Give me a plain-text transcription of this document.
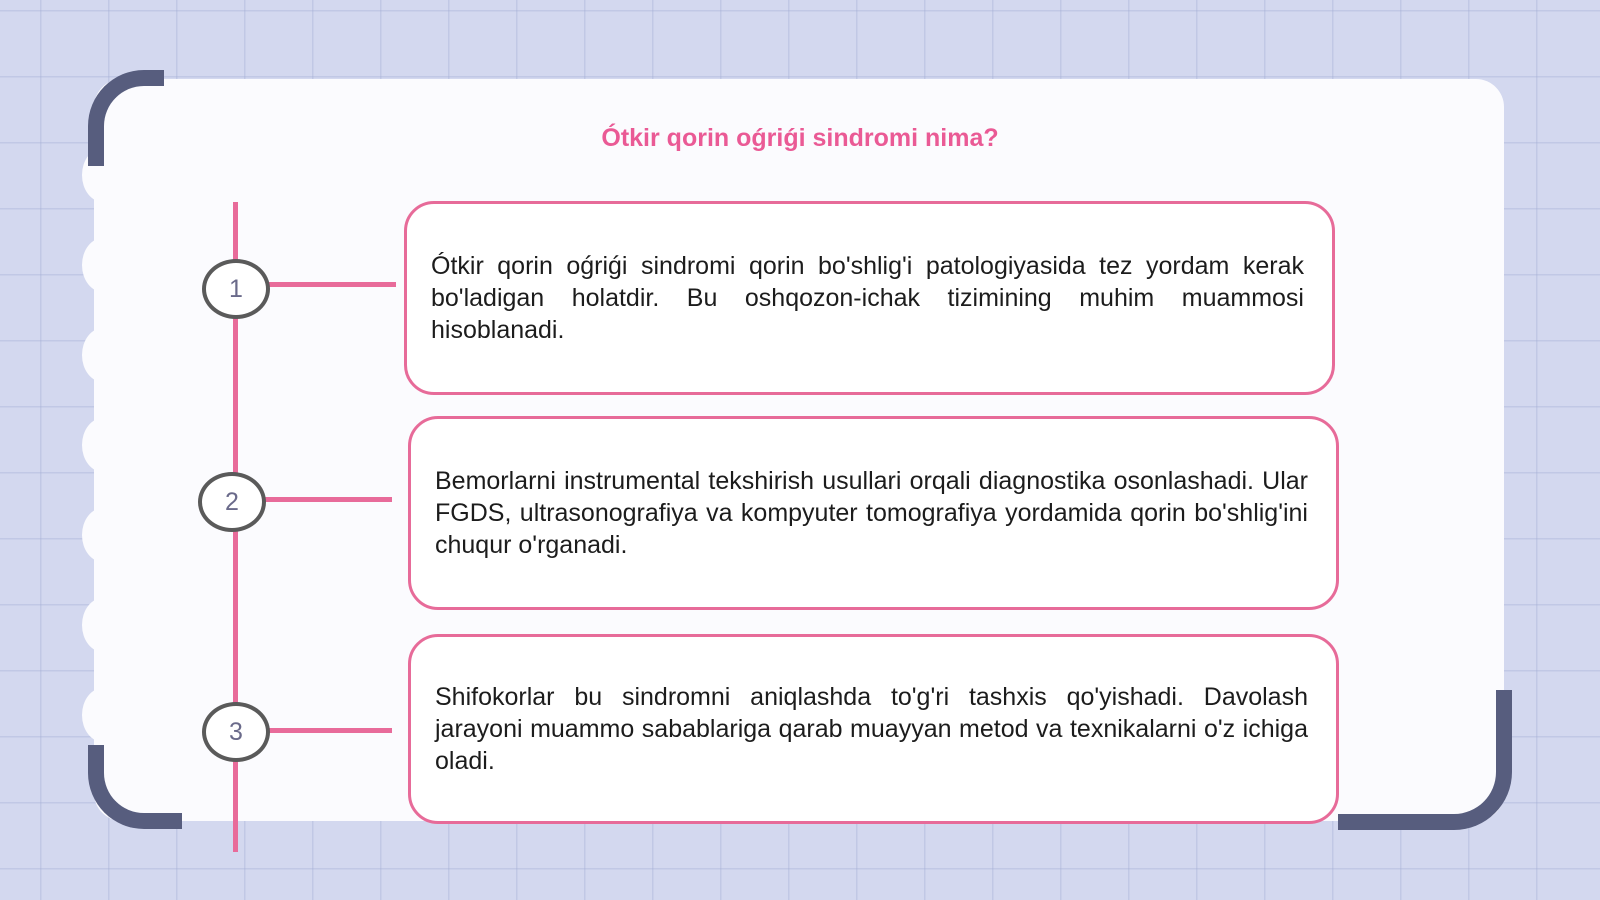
Ótkir qorin oǵriǵi sindromi nima?
1
2
3

Ótkir qorin oǵriǵi sindromi qorin bo'shlig'i patologiyasida tez yordam kerak bo'ladigan holatdir. Bu oshqozon-ichak tizimining muhim muammosi hisoblanadi.

Bemorlarni instrumental tekshirish usullari orqali diagnostika osonlashadi. Ular FGDS, ultrasonografiya va kompyuter tomografiya yordamida qorin bo'shlig'ini chuqur o'rganadi.

Shifokorlar bu sindromni aniqlashda to'g'ri tashxis qo'yishadi. Davolash jarayoni muammo sabablariga qarab muayyan metod va texnikalarni o'z ichiga oladi.
